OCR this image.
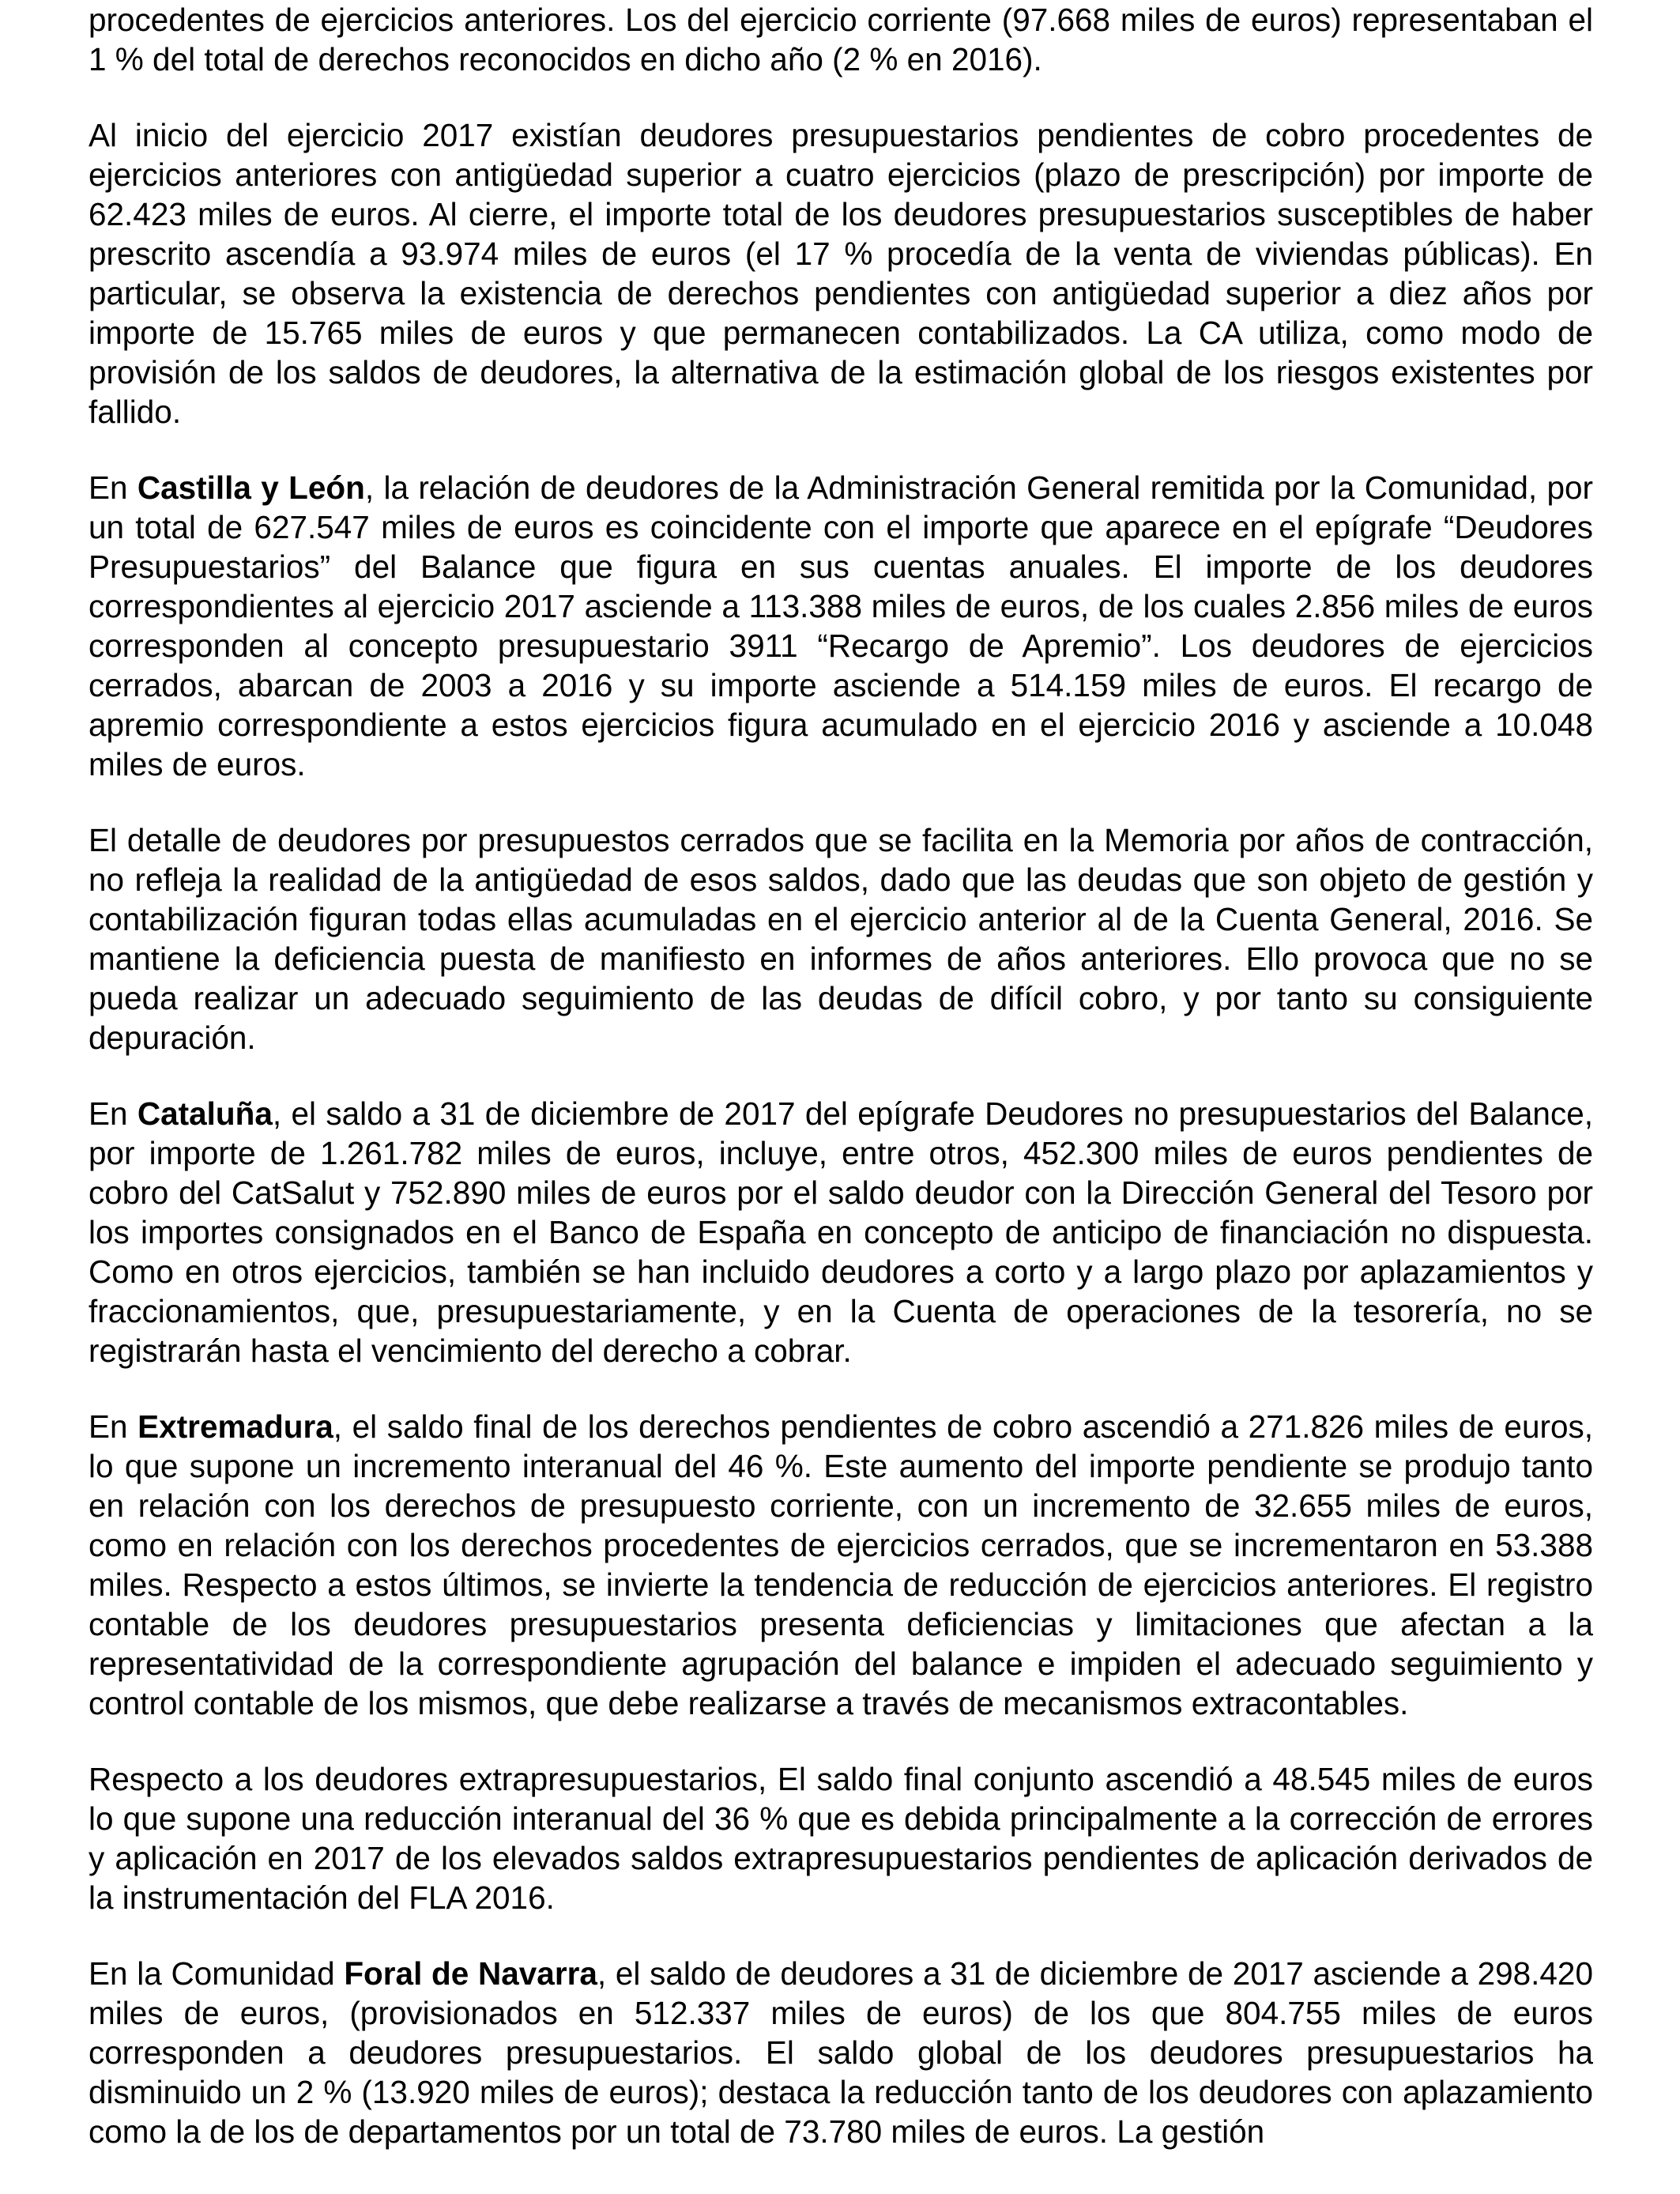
procedentes de ejercicios anteriores. Los del ejercicio corriente (97.668 miles de euros) representaban el 1 % del total de derechos reconocidos en dicho año (2 % en 2016).

Al inicio del ejercicio 2017 existían deudores presupuestarios pendientes de cobro procedentes de ejercicios anteriores con antigüedad superior a cuatro ejercicios (plazo de prescripción) por importe de 62.423 miles de euros. Al cierre, el importe total de los deudores presupuestarios susceptibles de haber prescrito ascendía a 93.974 miles de euros (el 17 % procedía de la venta de viviendas públicas). En particular, se observa la existencia de derechos pendientes con antigüedad superior a diez años por importe de 15.765 miles de euros y que permanecen contabilizados. La CA utiliza, como modo de provisión de los saldos de deudores, la alternativa de la estimación global de los riesgos existentes por fallido.

En Castilla y León, la relación de deudores de la Administración General remitida por la Comunidad, por un total de 627.547 miles de euros es coincidente con el importe que aparece en el epígrafe “Deudores Presupuestarios” del Balance que figura en sus cuentas anuales. El importe de los deudores correspondientes al ejercicio 2017 asciende a 113.388 miles de euros, de los cuales 2.856 miles de euros corresponden al concepto presupuestario 3911 “Recargo de Apremio”. Los deudores de ejercicios cerrados, abarcan de 2003 a 2016 y su importe asciende a 514.159 miles de euros. El recargo de apremio correspondiente a estos ejercicios figura acumulado en el ejercicio 2016 y asciende a 10.048 miles de euros.

El detalle de deudores por presupuestos cerrados que se facilita en la Memoria por años de contracción, no refleja la realidad de la antigüedad de esos saldos, dado que las deudas que son objeto de gestión y contabilización figuran todas ellas acumuladas en el ejercicio anterior al de la Cuenta General, 2016. Se mantiene la deficiencia puesta de manifiesto en informes de años anteriores. Ello provoca que no se pueda realizar un adecuado seguimiento de las deudas de difícil cobro, y por tanto su consiguiente depuración.

En Cataluña, el saldo a 31 de diciembre de 2017 del epígrafe Deudores no presupuestarios del Balance, por importe de 1.261.782 miles de euros, incluye, entre otros, 452.300 miles de euros pendientes de cobro del CatSalut y 752.890 miles de euros por el saldo deudor con la Dirección General del Tesoro por los importes consignados en el Banco de España en concepto de anticipo de financiación no dispuesta. Como en otros ejercicios, también se han incluido deudores a corto y a largo plazo por aplazamientos y fraccionamientos, que, presupuestariamente, y en la Cuenta de operaciones de la tesorería, no se registrarán hasta el vencimiento del derecho a cobrar.

En Extremadura, el saldo final de los derechos pendientes de cobro ascendió a 271.826 miles de euros, lo que supone un incremento interanual del 46 %. Este aumento del importe pendiente se produjo tanto en relación con los derechos de presupuesto corriente, con un incremento de 32.655 miles de euros, como en relación con los derechos procedentes de ejercicios cerrados, que se incrementaron en 53.388 miles. Respecto a estos últimos, se invierte la tendencia de reducción de ejercicios anteriores. El registro contable de los deudores presupuestarios presenta deficiencias y limitaciones que afectan a la representatividad de la correspondiente agrupación del balance e impiden el adecuado seguimiento y control contable de los mismos, que debe realizarse a través de mecanismos extracontables.

Respecto a los deudores extrapresupuestarios, El saldo final conjunto ascendió a 48.545 miles de euros lo que supone una reducción interanual del 36 % que es debida principalmente a la corrección de errores y aplicación en 2017 de los elevados saldos extrapresupuestarios pendientes de aplicación derivados de la instrumentación del FLA 2016.

En la Comunidad Foral de Navarra, el saldo de deudores a 31 de diciembre de 2017 asciende a 298.420 miles de euros, (provisionados en 512.337 miles de euros) de los que 804.755 miles de euros corresponden a deudores presupuestarios. El saldo global de los deudores presupuestarios ha disminuido un 2 % (13.920 miles de euros); destaca la reducción tanto de los deudores con aplazamiento como la de los de departamentos por un total de 73.780 miles de euros. La gestión
